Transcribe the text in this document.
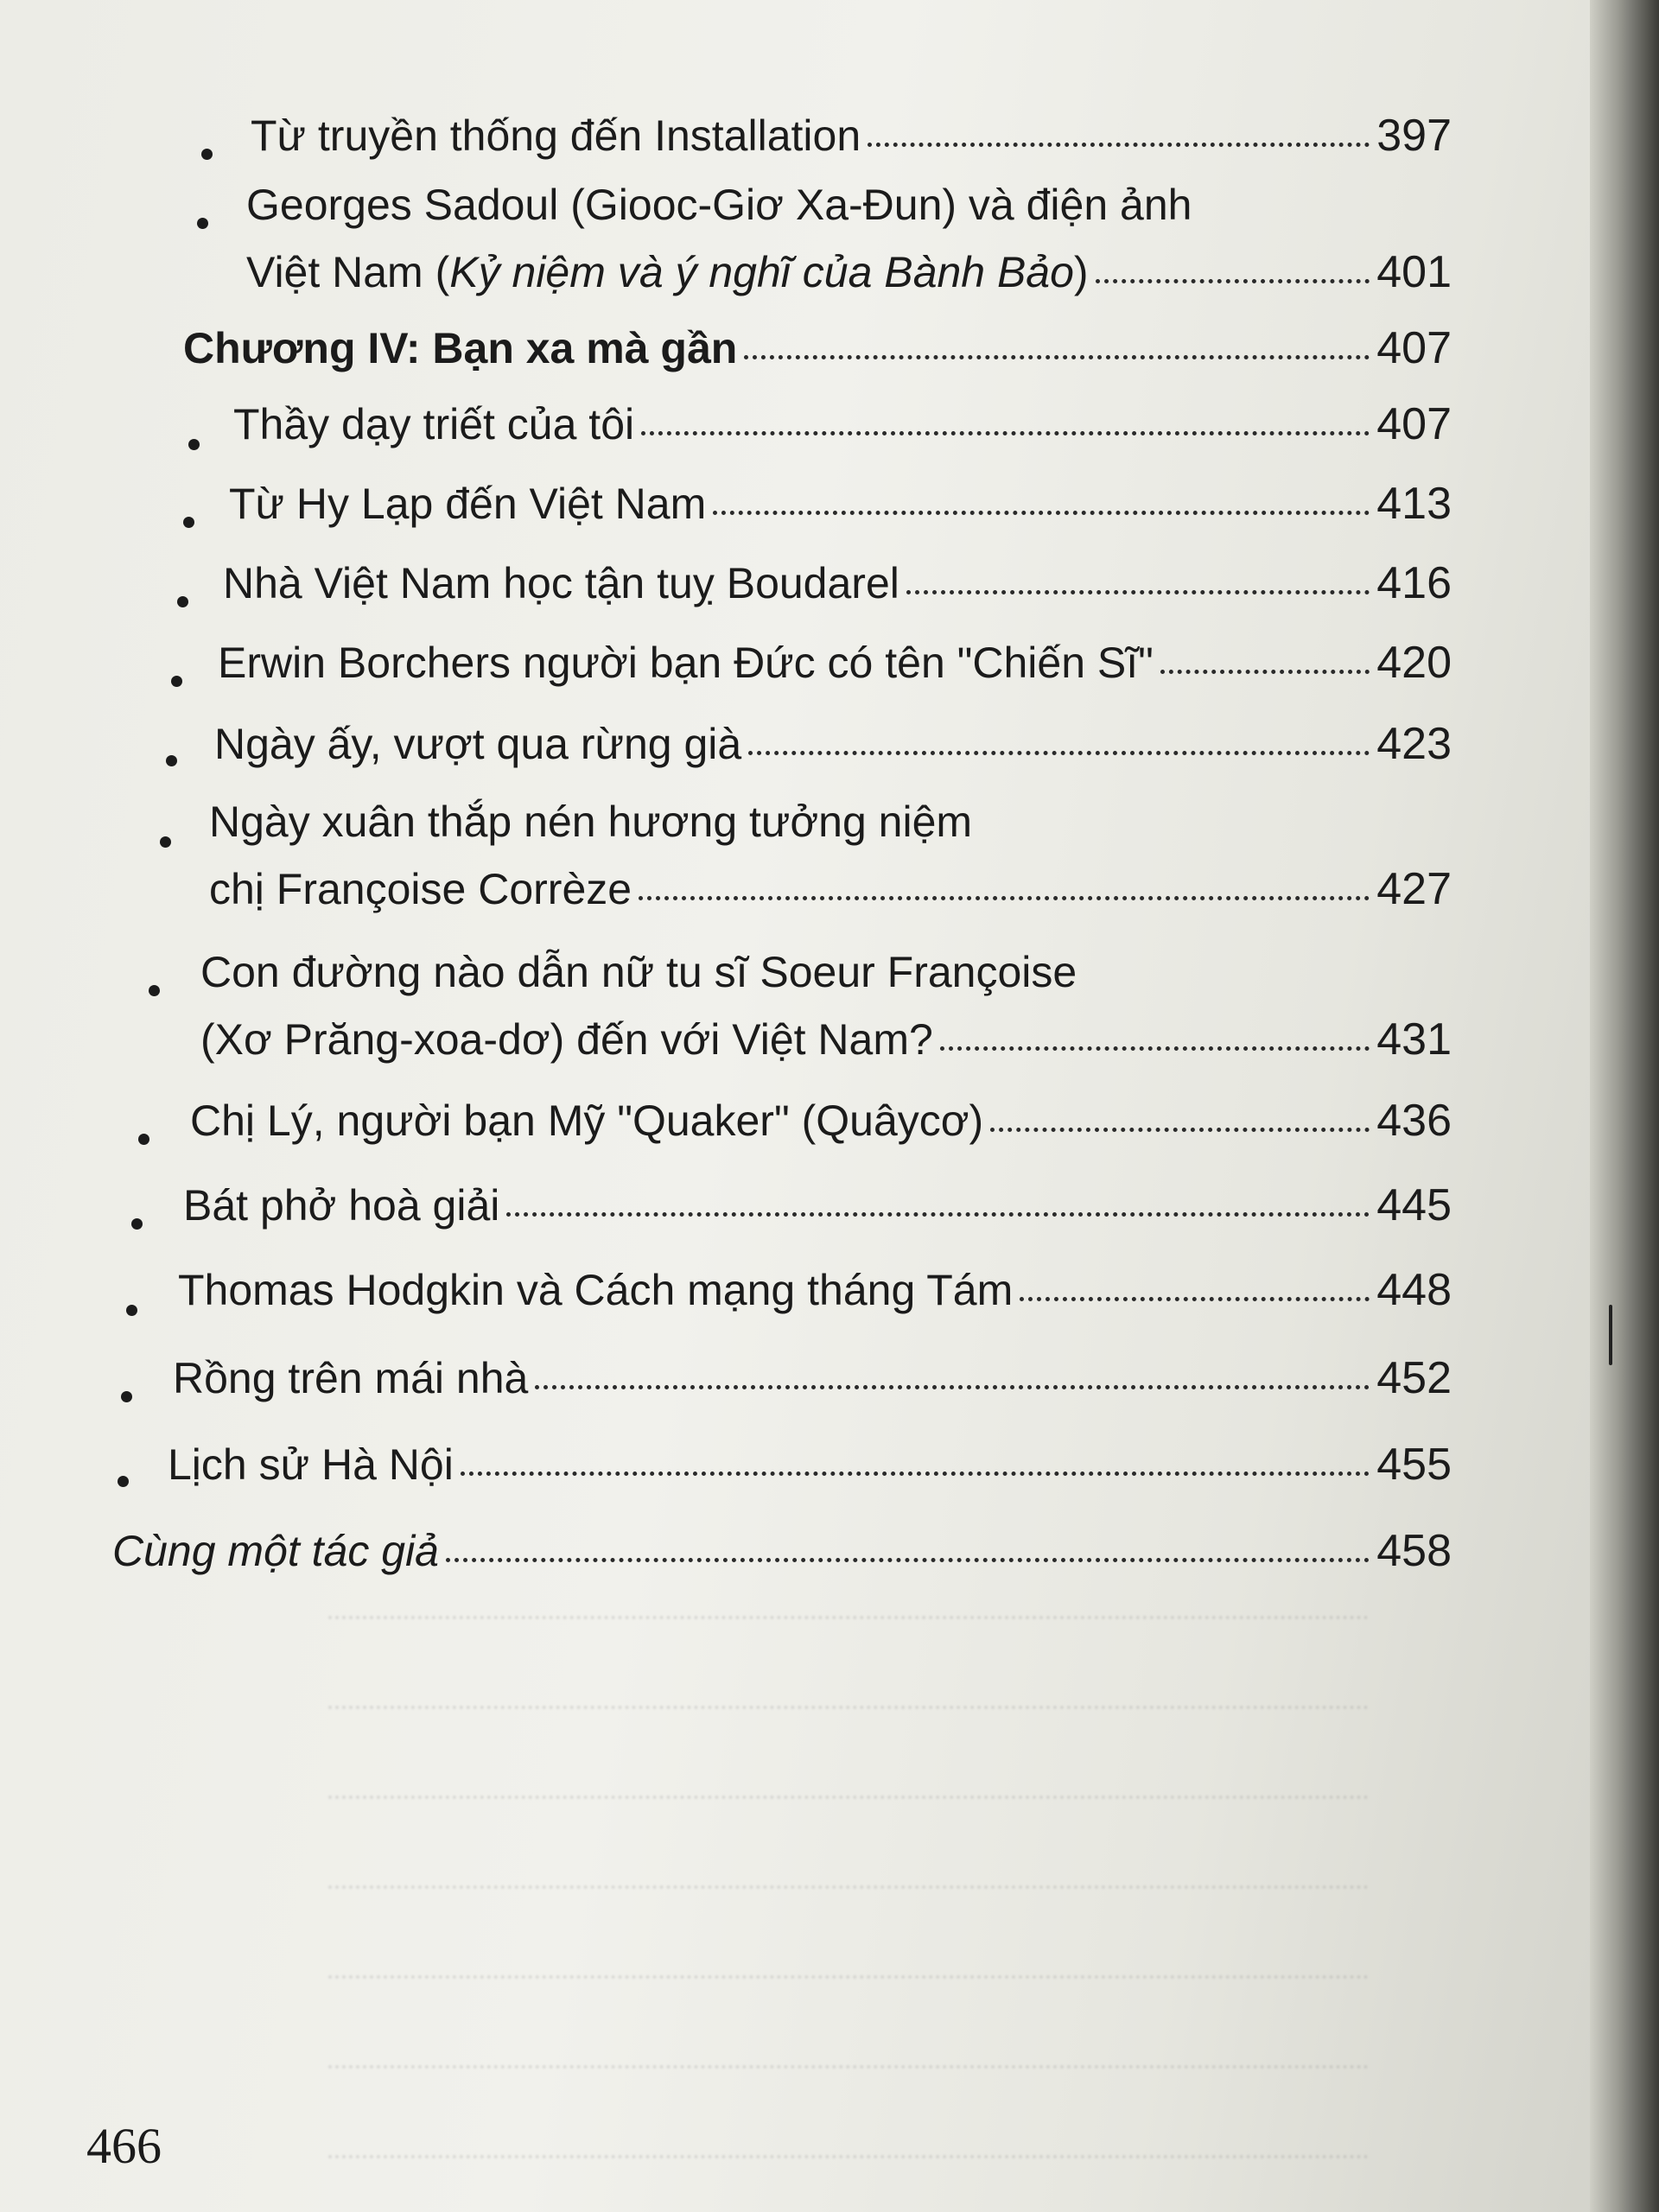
Từ truyền thống đến Installation	397
Georges Sadoul (Giooc-Giơ Xa-Đun) và điện ảnh
Việt Nam (Kỷ niệm và ý nghĩ của Bành Bảo)	401
Chương IV: Bạn xa mà gần	407
Thầy dạy triết của tôi	407
Từ Hy Lạp đến Việt Nam	413
Nhà Việt Nam học tận tuỵ Boudarel	416
Erwin Borchers người bạn Đức có tên "Chiến Sĩ"	420
Ngày ấy, vượt qua rừng già	423
Ngày xuân thắp nén hương tưởng niệm
chị Françoise Corrèze	427
Con đường nào dẫn nữ tu sĩ Soeur Françoise
(Xơ Prăng-xoa-dơ) đến với Việt Nam?	431
Chị Lý, người bạn Mỹ "Quaker" (Quâycơ)	436
Bát phở hoà giải	445
Thomas Hodgkin và Cách mạng tháng Tám	448
Rồng trên mái nhà	452
Lịch sử Hà Nội	455
Cùng một tác giả	458
466
